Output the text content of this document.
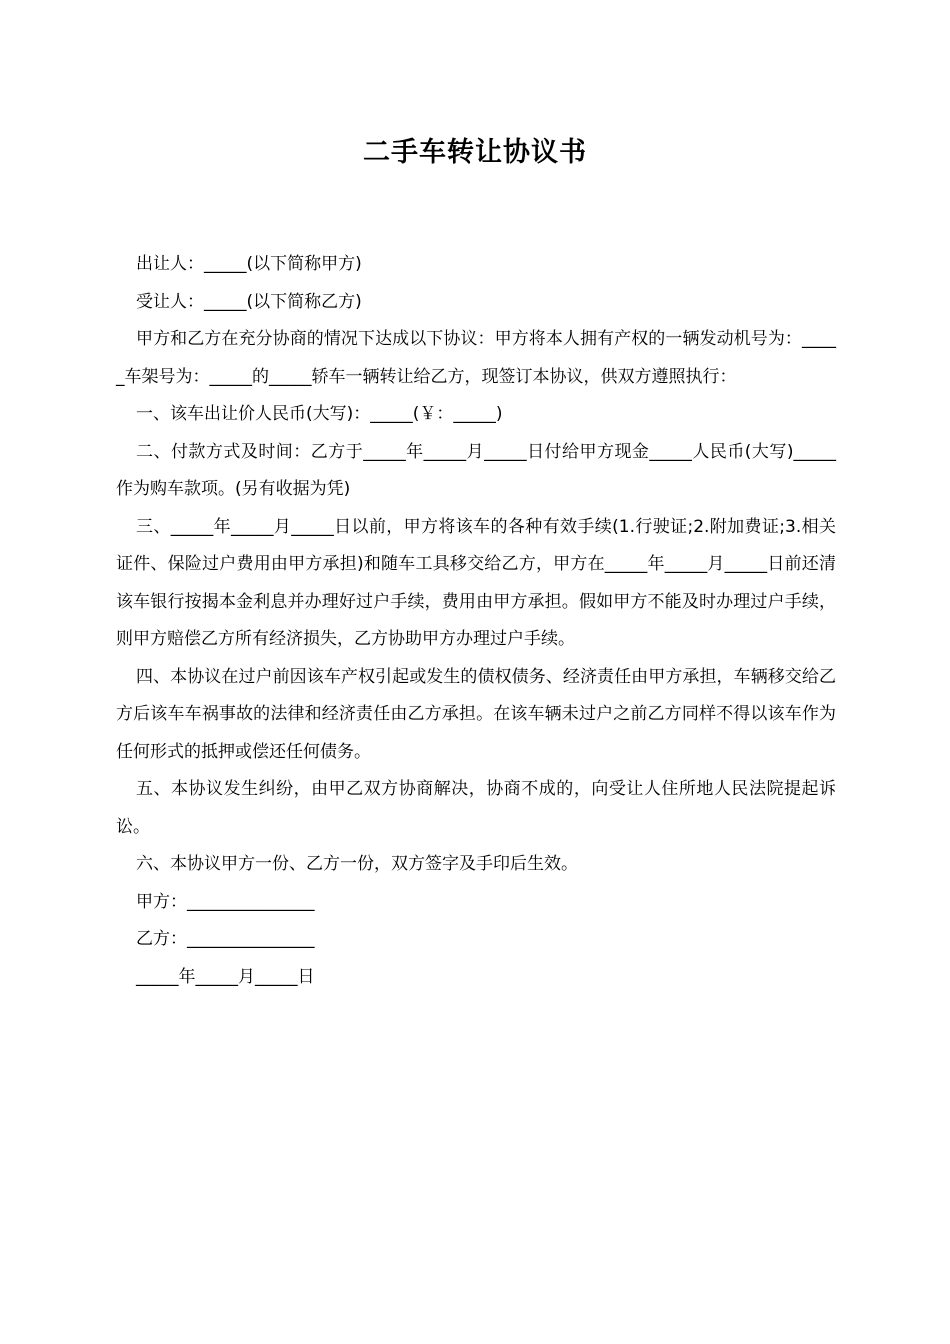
二手车转让协议书

出让人：_____(以下简称甲方)

受让人：_____(以下简称乙方)

甲方和乙方在充分协商的情况下达成以下协议：甲方将本人拥有产权的一辆发动机号为：_____车架号为：_____的_____轿车一辆转让给乙方，现签订本协议，供双方遵照执行：

一、该车出让价人民币(大写)：_____(￥：_____)

二、付款方式及时间：乙方于_____年_____月_____日付给甲方现金_____人民币(大写)_____作为购车款项。(另有收据为凭)

三、_____年_____月_____日以前，甲方将该车的各种有效手续(1.行驶证;2.附加费证;3.相关证件、保险过户费用由甲方承担)和随车工具移交给乙方，甲方在_____年_____月_____日前还清该车银行按揭本金利息并办理好过户手续，费用由甲方承担。假如甲方不能及时办理过户手续，则甲方赔偿乙方所有经济损失，乙方协助甲方办理过户手续。

四、本协议在过户前因该车产权引起或发生的债权债务、经济责任由甲方承担，车辆移交给乙方后该车车祸事故的法律和经济责任由乙方承担。在该车辆未过户之前乙方同样不得以该车作为任何形式的抵押或偿还任何债务。

五、本协议发生纠纷，由甲乙双方协商解决，协商不成的，向受让人住所地人民法院提起诉讼。

六、本协议甲方一份、乙方一份，双方签字及手印后生效。

甲方：_______________

乙方：_______________

_____年_____月_____日
